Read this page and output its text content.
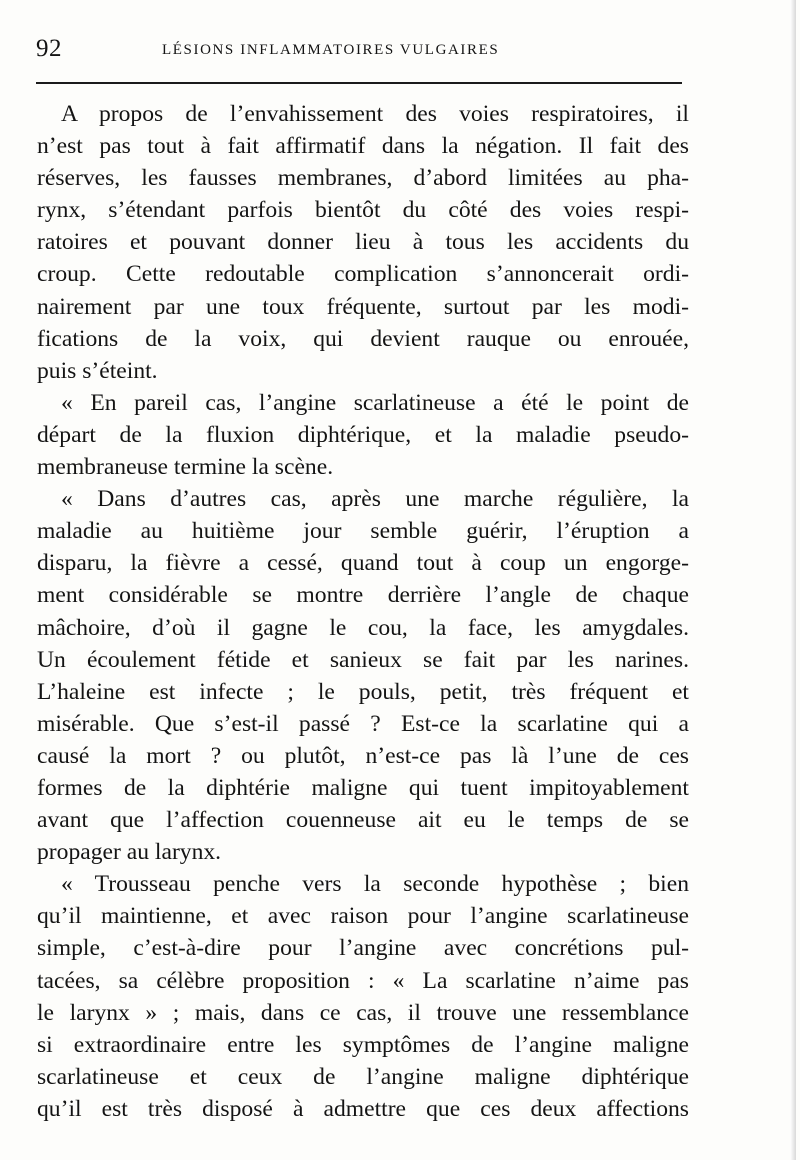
92	LÉSIONS INFLAMMATOIRES VULGAIRES
A propos de l’envahissement des voies respiratoires, il
n’est pas tout à fait affirmatif dans la négation. Il fait des
réserves, les fausses membranes, d’abord limitées au pha-
rynx, s’étendant parfois bientôt du côté des voies respi-
ratoires et pouvant donner lieu à tous les accidents du
croup. Cette redoutable complication s’annoncerait ordi-
nairement par une toux fréquente, surtout par les modi-
fications de la voix, qui devient rauque ou enrouée,
puis s’éteint.
« En pareil cas, l’angine scarlatineuse a été le point de
départ de la fluxion diphtérique, et la maladie pseudo-
membraneuse termine la scène.
« Dans d’autres cas, après une marche régulière, la
maladie au huitième jour semble guérir, l’éruption a
disparu, la fièvre a cessé, quand tout à coup un engorge-
ment considérable se montre derrière l’angle de chaque
mâchoire, d’où il gagne le cou, la face, les amygdales.
Un écoulement fétide et sanieux se fait par les narines.
L’haleine est infecte ; le pouls, petit, très fréquent et
misérable. Que s’est-il passé ? Est-ce la scarlatine qui a
causé la mort ? ou plutôt, n’est-ce pas là l’une de ces
formes de la diphtérie maligne qui tuent impitoyablement
avant que l’affection couenneuse ait eu le temps de se
propager au larynx.
« Trousseau penche vers la seconde hypothèse ; bien
qu’il maintienne, et avec raison pour l’angine scarlatineuse
simple, c’est-à-dire pour l’angine avec concrétions pul-
tacées, sa célèbre proposition : « La scarlatine n’aime pas
le larynx » ; mais, dans ce cas, il trouve une ressemblance
si extraordinaire entre les symptômes de l’angine maligne
scarlatineuse et ceux de l’angine maligne diphtérique
qu’il est très disposé à admettre que ces deux affections
